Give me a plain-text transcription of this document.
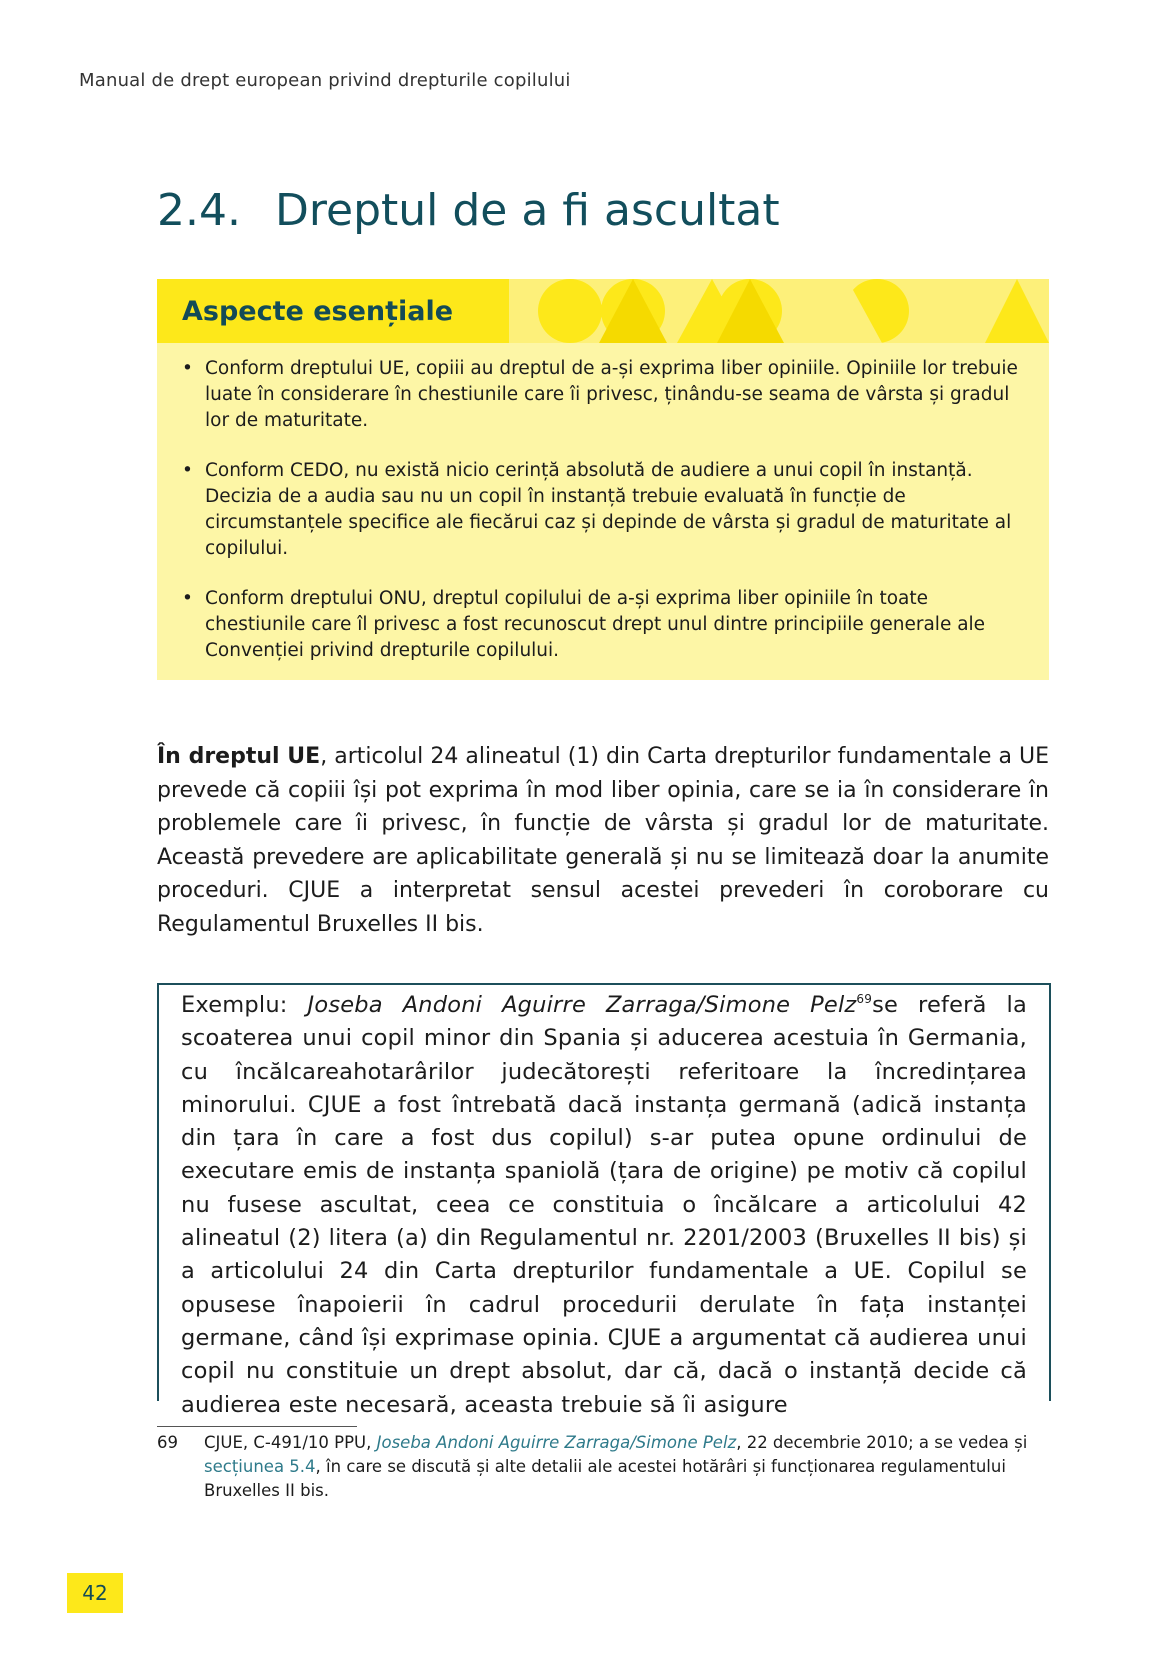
Manual de drept european privind drepturile copilului
2.4. Dreptul de a fi ascultat
Aspecte esențiale
• Conform dreptului UE, copiii au dreptul de a-și exprima liber opiniile. Opiniile lor trebuie luate în considerare în chestiunile care îi privesc, ținându-se seama de vârsta și gradul lor de maturitate.
• Conform CEDO, nu există nicio cerință absolută de audiere a unui copil în instanță. Decizia de a audia sau nu un copil în instanță trebuie evaluată în funcție de circumstanțele specifice ale fiecărui caz și depinde de vârsta și gradul de maturitate al copilului.
• Conform dreptului ONU, dreptul copilului de a-și exprima liber opiniile în toate chestiunile care îl privesc a fost recunoscut drept unul dintre principiile generale ale Convenției privind drepturile copilului.

În dreptul UE, articolul 24 alineatul (1) din Carta drepturilor fundamentale a UE prevede că copiii își pot exprima în mod liber opinia, care se ia în considerare în problemele care îi privesc, în funcție de vârsta și gradul lor de maturitate. Această prevedere are aplicabilitate generală și nu se limitează doar la anumite proceduri. CJUE a interpretat sensul acestei prevederi în coroborare cu Regulamentul Bruxelles II bis.

Exemplu: Joseba Andoni Aguirre Zarraga/Simone Pelz$^{69}$se referă la scoaterea unui copil minor din Spania și aducerea acestuia în Germania, cu încălcareahotarârilor judecătorești referitoare la încredințarea minorului. CJUE a fost întrebată dacă instanța germană (adică instanța din țara în care a fost dus copilul) s-ar putea opune ordinului de executare emis de instanța spaniolă (țara de origine) pe motiv că copilul nu fusese ascultat, ceea ce constituia o încălcare a articolului 42 alineatul (2) litera (a) din Regulamentul nr. 2201/2003 (Bruxelles II bis) și a articolului 24 din Carta drepturilor fundamentale a UE. Copilul se opusese înapoierii în cadrul procedurii derulate în fața instanței germane, când își exprimase opinia. CJUE a argumentat că audierea unui copil nu constituie un drept absolut, dar că, dacă o instanță decide că audierea este necesară, aceasta trebuie să îi asigure

69 CJUE, C-491/10 PPU, Joseba Andoni Aguirre Zarraga/Simone Pelz, 22 decembrie 2010; a se vedea și secțiunea 5.4, în care se discută și alte detalii ale acestei hotărâri și funcționarea regulamentului Bruxelles II bis.
42
